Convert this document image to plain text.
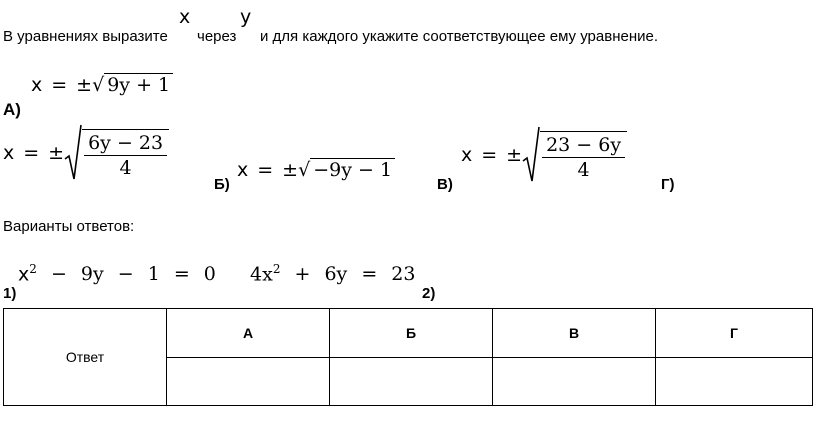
В уравнениях выразите
x
через
y
и для каждого укажите соответствующее ему уравнение.
x = ±√ 9y + 1
А)
x = ± $\frac{6y - 23}{4}$
Б)
x = ±√ −9y − 1
В)
x = ± $\frac{23 - 6y}{4}$
Г)
Варианты ответов:
$x^2 - 9y - 1 = 0$
1)
$4x^2 + 6y = 23$
2)
Ответ	А	Б	В	Г
